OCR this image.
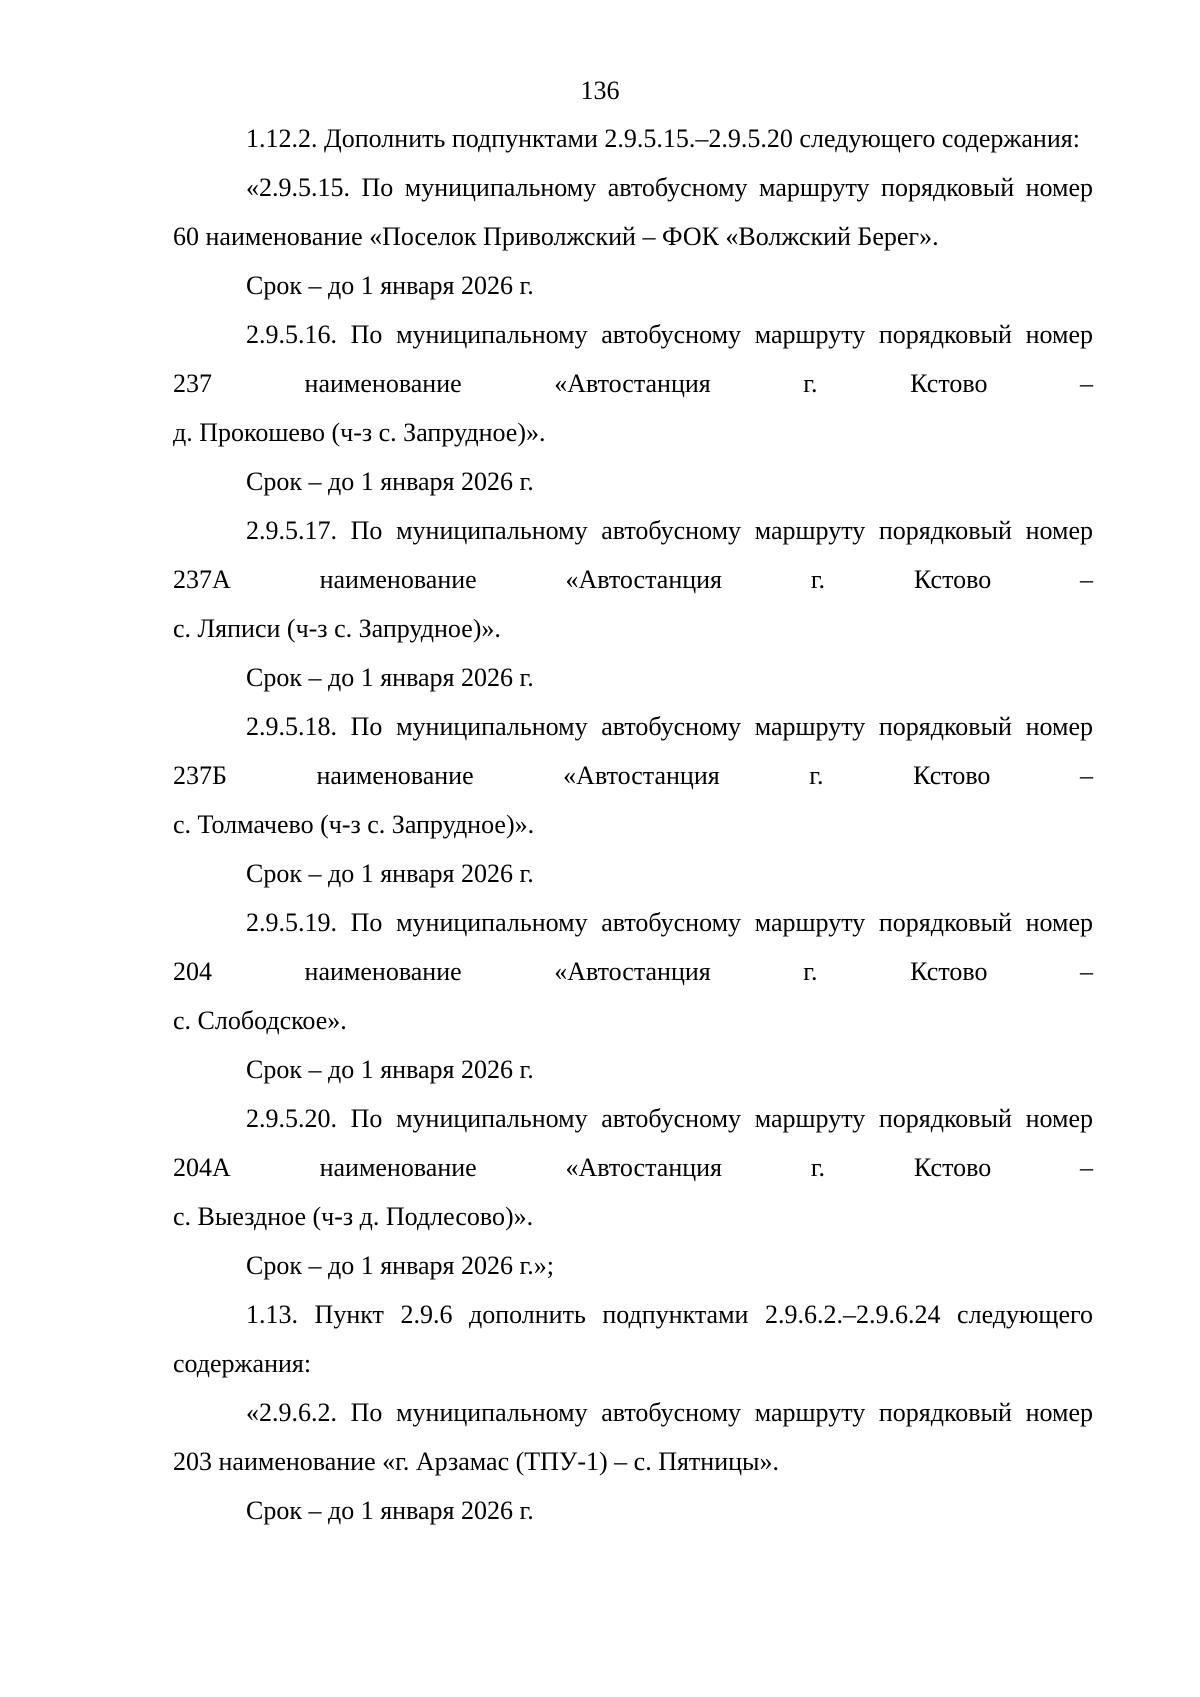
136

1.12.2. Дополнить подпунктами 2.9.5.15.–2.9.5.20 следующего содержания:

«2.9.5.15. По муниципальному автобусному маршруту порядковый номер 60 наименование «Поселок Приволжский – ФОК «Волжский Берег».

Срок – до 1 января 2026 г.

2.9.5.16. По муниципальному автобусному маршруту порядковый номер 237 наименование «Автостанция г. Кстово –

д. Прокошево (ч-з с. Запрудное)».

Срок – до 1 января 2026 г.

2.9.5.17. По муниципальному автобусному маршруту порядковый номер 237А наименование «Автостанция г. Кстово –

с. Ляписи (ч-з с. Запрудное)».

Срок – до 1 января 2026 г.

2.9.5.18. По муниципальному автобусному маршруту порядковый номер 237Б наименование «Автостанция г. Кстово –

с. Толмачево (ч-з с. Запрудное)».

Срок – до 1 января 2026 г.

2.9.5.19. По муниципальному автобусному маршруту порядковый номер 204 наименование «Автостанция г. Кстово –

с. Слободское».

Срок – до 1 января 2026 г.

2.9.5.20. По муниципальному автобусному маршруту порядковый номер 204А наименование «Автостанция г. Кстово –

с. Выездное (ч-з д. Подлесово)».

Срок – до 1 января 2026 г.»;

1.13. Пункт 2.9.6 дополнить подпунктами 2.9.6.2.–2.9.6.24 следующего содержания:

«2.9.6.2. По муниципальному автобусному маршруту порядковый номер 203 наименование «г. Арзамас (ТПУ-1) – с. Пятницы».

Срок – до 1 января 2026 г.
